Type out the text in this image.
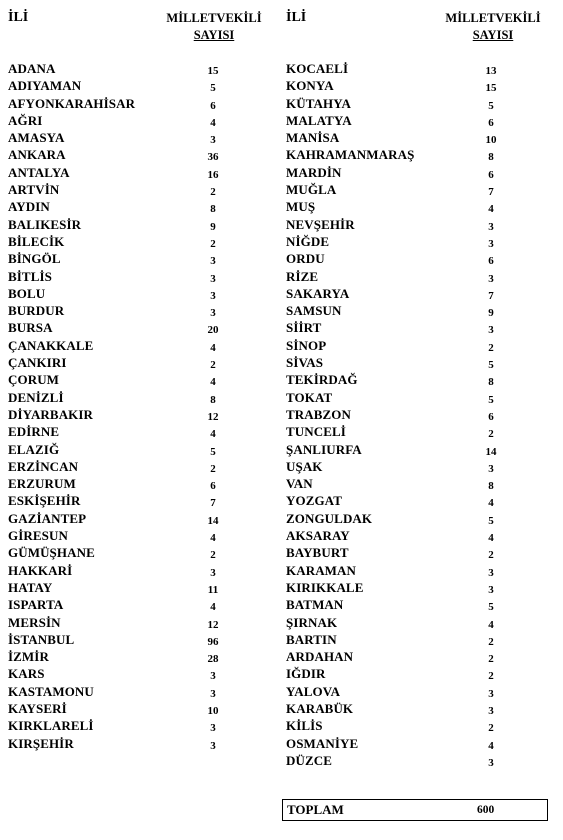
İLİ	MİLLETVEKİLİ
SAYISI
ADANA	15
ADIYAMAN	5
AFYONKARAHİSAR	6
AĞRI	4
AMASYA	3
ANKARA	36
ANTALYA	16
ARTVİN	2
AYDIN	8
BALIKESİR	9
BİLECİK	2
BİNGÖL	3
BİTLİS	3
BOLU	3
BURDUR	3
BURSA	20
ÇANAKKALE	4
ÇANKIRI	2
ÇORUM	4
DENİZLİ	8
DİYARBAKIR	12
EDİRNE	4
ELAZIĞ	5
ERZİNCAN	2
ERZURUM	6
ESKİŞEHİR	7
GAZİANTEP	14
GİRESUN	4
GÜMÜŞHANE	2
HAKKARİ	3
HATAY	11
ISPARTA	4
MERSİN	12
İSTANBUL	96
İZMİR	28
KARS	3
KASTAMONU	3
KAYSERİ	10
KIRKLARELİ	3
KIRŞEHİR	3
İLİ	MİLLETVEKİLİ
SAYISI
KOCAELİ	13
KONYA	15
KÜTAHYA	5
MALATYA	6
MANİSA	10
KAHRAMANMARAŞ	8
MARDİN	6
MUĞLA	7
MUŞ	4
NEVŞEHİR	3
NİĞDE	3
ORDU	6
RİZE	3
SAKARYA	7
SAMSUN	9
SİİRT	3
SİNOP	2
SİVAS	5
TEKİRDAĞ	8
TOKAT	5
TRABZON	6
TUNCELİ	2
ŞANLIURFA	14
UŞAK	3
VAN	8
YOZGAT	4
ZONGULDAK	5
AKSARAY	4
BAYBURT	2
KARAMAN	3
KIRIKKALE	3
BATMAN	5
ŞIRNAK	4
BARTIN	2
ARDAHAN	2
IĞDIR	2
YALOVA	3
KARABÜK	3
KİLİS	2
OSMANİYE	4
DÜZCE	3
TOPLAM	600
